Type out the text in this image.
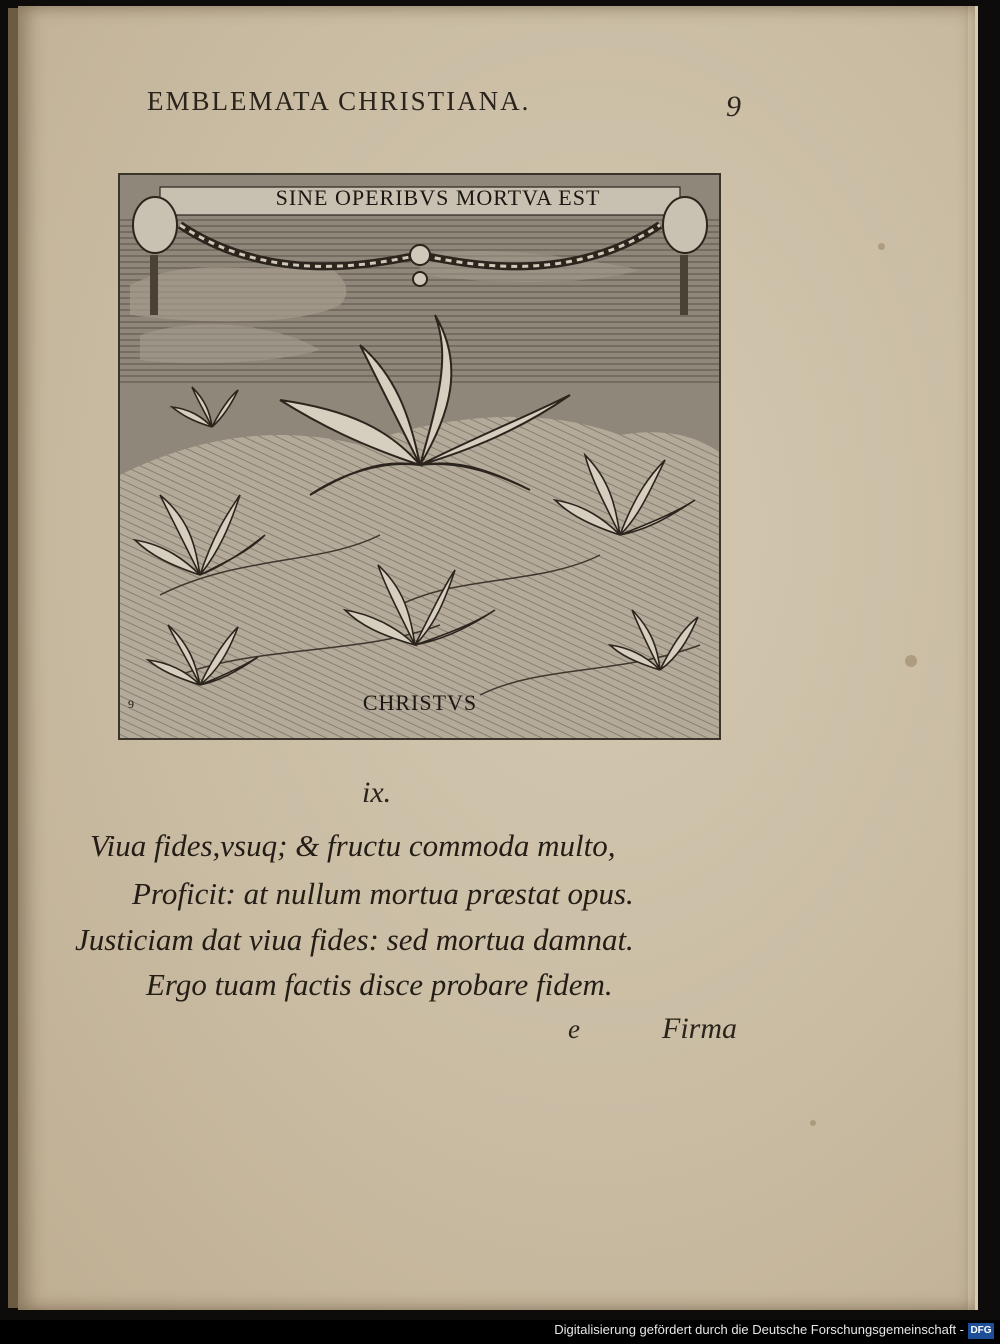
EMBLEMATA CHRISTIANA.	9
SINE OPERIBVS MORTVA EST
CHRISTVS
9
ix.
Viua fides,vsuq; & fructu commoda multo,
Proficit: at nullum mortua præstat opus.
Justiciam dat viua fides: sed mortua damnat.
Ergo tuam factis disce probare fidem.
e	Firma
Digitalisierung gefördert durch die Deutsche Forschungsgemeinschaft - DFG
